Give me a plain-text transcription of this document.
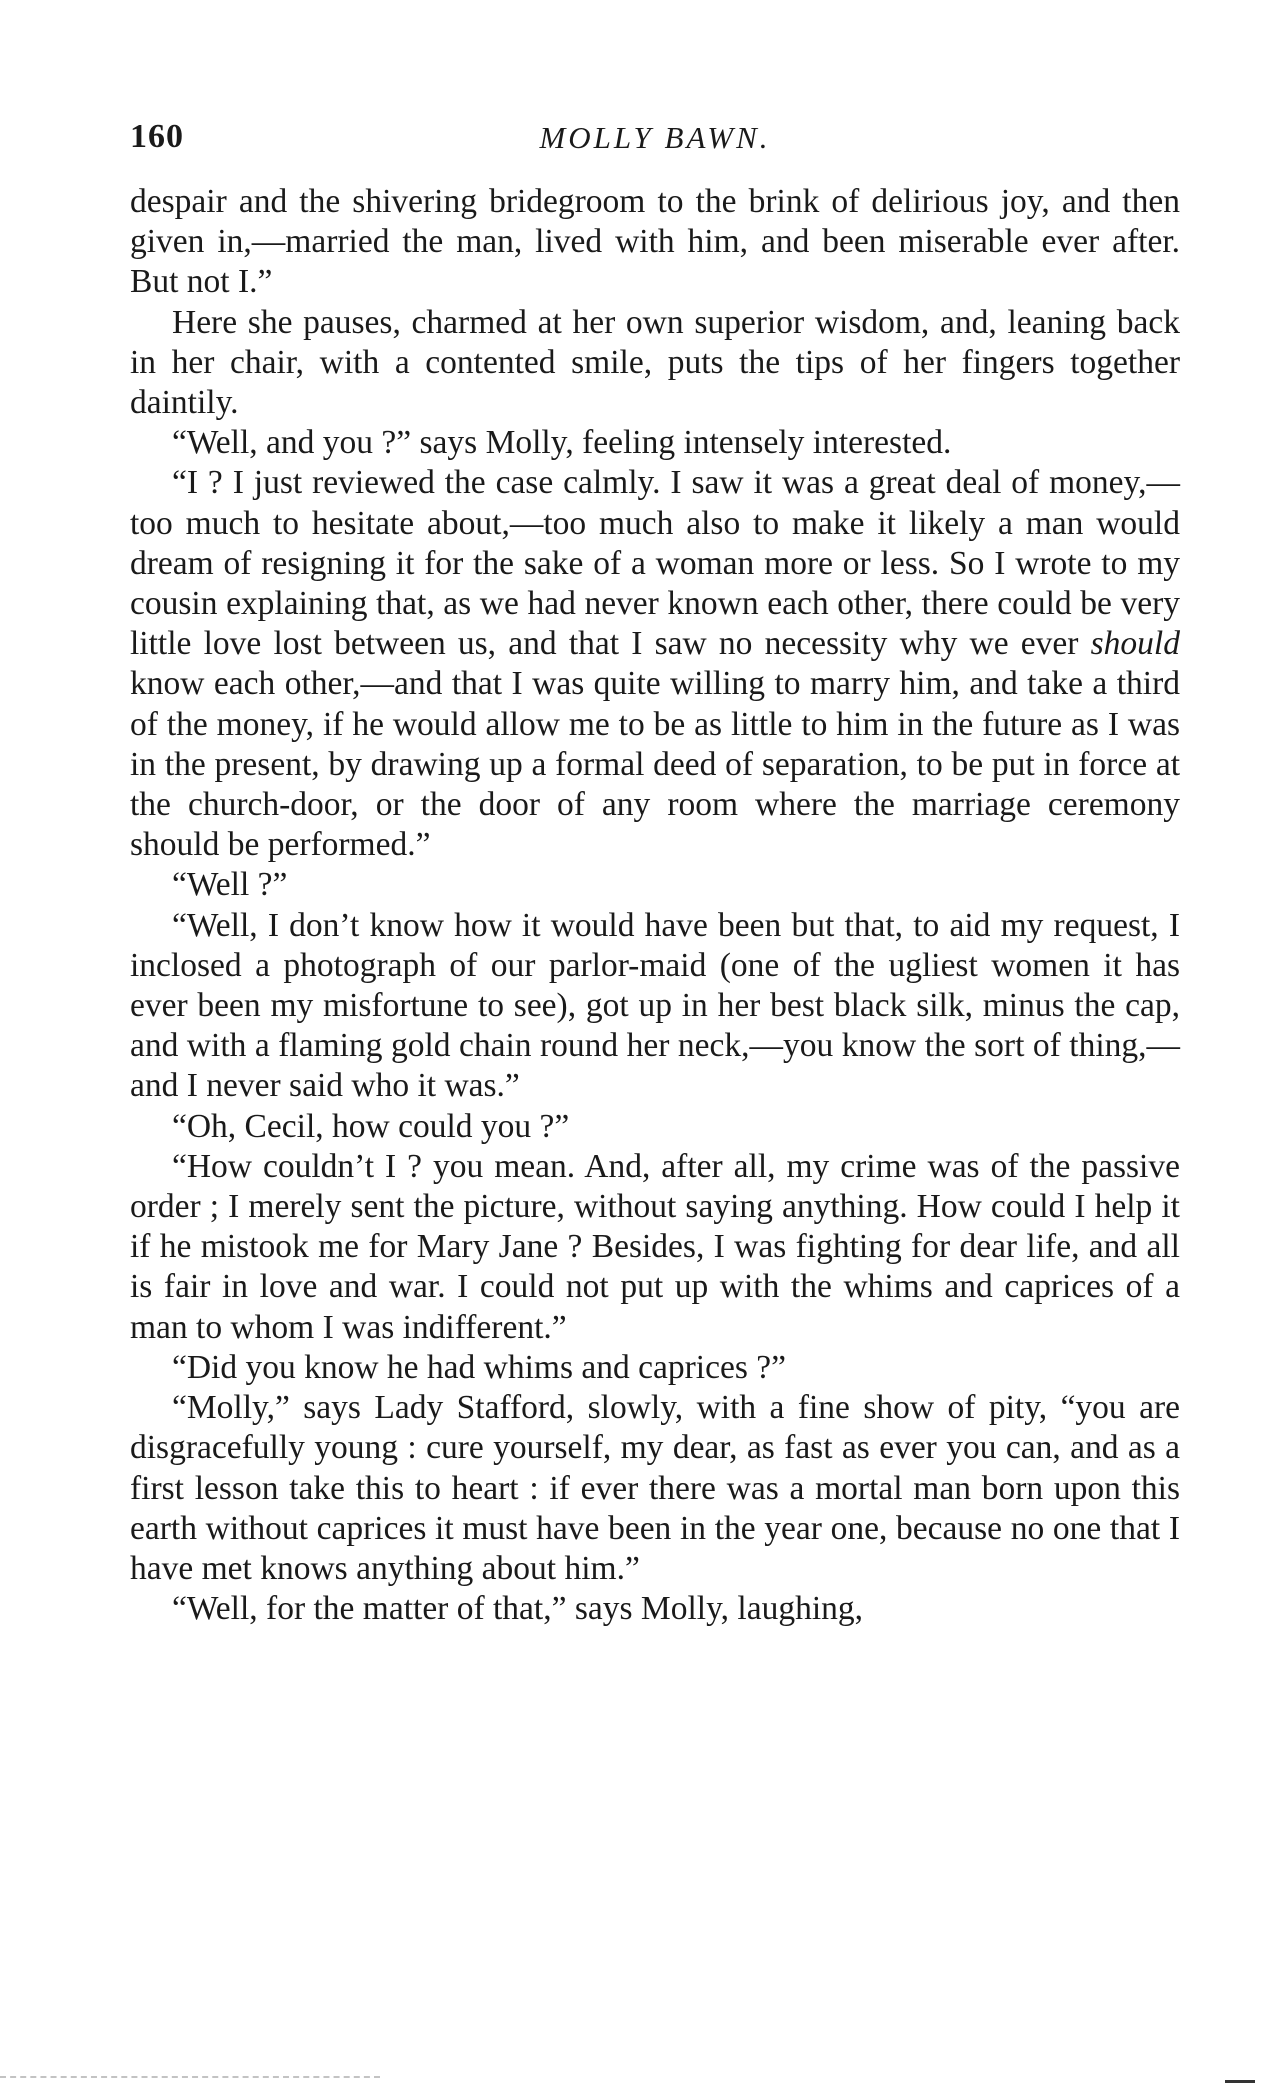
160	MOLLY BAWN.

despair and the shivering bridegroom to the brink of delirious joy, and then given in,—married the man, lived with him, and been miserable ever after. But not I.”

Here she pauses, charmed at her own superior wisdom, and, leaning back in her chair, with a contented smile, puts the tips of her fingers together daintily.

“Well, and you ?” says Molly, feeling intensely interested.

“I ? I just reviewed the case calmly. I saw it was a great deal of money,—too much to hesitate about,—too much also to make it likely a man would dream of resigning it for the sake of a woman more or less. So I wrote to my cousin explaining that, as we had never known each other, there could be very little love lost between us, and that I saw no necessity why we ever should know each other,—and that I was quite willing to marry him, and take a third of the money, if he would allow me to be as little to him in the future as I was in the present, by drawing up a formal deed of separation, to be put in force at the church-door, or the door of any room where the marriage ceremony should be performed.”

“Well ?”

“Well, I don’t know how it would have been but that, to aid my request, I inclosed a photograph of our parlor-maid (one of the ugliest women it has ever been my misfortune to see), got up in her best black silk, minus the cap, and with a flaming gold chain round her neck,—you know the sort of thing,—and I never said who it was.”

“Oh, Cecil, how could you ?”

“How couldn’t I ? you mean. And, after all, my crime was of the passive order ; I merely sent the picture, without saying anything. How could I help it if he mistook me for Mary Jane ? Besides, I was fighting for dear life, and all is fair in love and war. I could not put up with the whims and caprices of a man to whom I was indifferent.”

“Did you know he had whims and caprices ?”

“Molly,” says Lady Stafford, slowly, with a fine show of pity, “you are disgracefully young : cure yourself, my dear, as fast as ever you can, and as a first lesson take this to heart : if ever there was a mortal man born upon this earth without caprices it must have been in the year one, because no one that I have met knows anything about him.”

“Well, for the matter of that,” says Molly, laughing,
